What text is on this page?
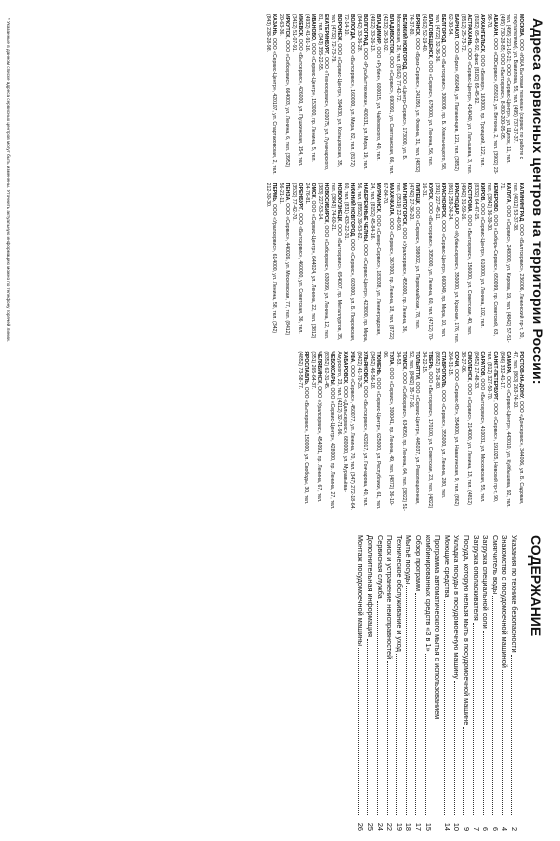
Адреса сервисных центров на территории России:
МОСКВА, ООО «ЮКА Бытовая техника» (сервис по работе с покупателями), ул. Вавилова, 55, тел. (495) 737-37-37.
тел. (495) 221-16-21; ООО «Сервис-Центр», ул. Щипок, 11, тел. (495) 730-28-85; ООО «Бытсервис», 8-800-200-05-05.
АБАКАН, ООО «СВСервис», 655012, ул. Вяткина, 2, тел. (3902) 23-98-70.
АРХАНГЕЛЬСК, ООО «Беккер», 163000, пр. Троицкий, 122, тел. (8182) 65-45-92, факс (8182) 65-45-92.
АСТРАХАНЬ, ООО «Сервис-Центр», 414040, ул. Латышева, 3, тел. (8512) 25-73-72.
БАРНАУЛ, ООО «Бриз», 656049, ул. Папанинцев, 121, тел. (3852) 62-30-54.
БЕЛГОРОД, ООО «Бытсервис», 308009, пр. Б. Хмельницкого, 58, тел. (4722) 32-36-36.
БЛАГОВЕЩЕНСК, ООО «Сервис», 675000, ул. Ленина, 56, тел. (4162) 52-19-40.
БРЯНСК, ООО «Бриз-Сервис», 241050, ул. Фокина, 31, тел. (4832) 74-37-80.
ВЕЛИКИЙ НОВГОРОД, ООО «Центр-Сервис», 173000, ул. Б. Московская, 26, тел. (8162) 77-42-72.
ВЛАДИВОСТОК, ООО «Сервис», 690091, ул. Светланская, 66, тел. (4232) 26-30-02.
ВЛАДИМИР, ООО «Рубин», 600015, ул. Чайковского, 40, тел. (4922) 33-26-13.
ВОЛГОГРАД, ООО «Русьбыттехника», 400131, ул. Мира, 19, тел. (8442) 33-36-28.
ВОЛОГДА, ООО «Бытсервис», 160000, ул. Мира, 82, тел. (8172) 72-14-10.
ВОРОНЕЖ, ООО «Сервис-Центр», 394030, ул. Кольцовская, 35, тел. (4732) 72-73-79.
ЕКАТЕРИНБУРГ, ООО «Техносервис», 620075, ул. Луначарского, 81, тел. (343) 355-22-55.
ИВАНОВО, ООО «Сервис-Центр», 153000, пр. Ленина, 5, тел. (4932) 41-91-16.
ИЖЕВСК, ООО «Бытсервис», 426000, ул. Пушкинская, 154, тел. (3412) 51-07-91.
ИРКУТСК, ООО «Сибсервис», 664003, ул. Ленина, 6, тел. (3952) 20-63-36.
КАЗАНЬ, ООО «Сервис-Центр», 420107, ул. Спартаковская, 2, тел. (843) 238-28-98.
КАЛИНИНГРАД, ООО «Балтсервис», 236006, Ленинский пр-т, 30, тел. (4012) 53-37-38.
КАЛУГА, ООО «Сервис», 248000, ул. Кирова, 19, тел. (4842) 57-51-71.
КЕМЕРОВО, ООО «Сибирь-Сервис», 650099, пр. Советский, 63, тел. (3842) 36-39-30.
КИРОВ, ООО «Сервис-Центр», 610000, ул. Ленина, 102, тел. (8332) 64-47-15.
КОСТРОМА, ООО «Бытсервис», 156000, ул. Советская, 40, тел. (4942) 31-59-16.
КРАСНОДАР, ООО «Кубаньсервис», 350000, ул. Красная, 176, тел. (861) 259-24-24.
КРАСНОЯРСК, ООО «Сервис-Центр», 660049, пр. Мира, 10, тел. (391) 227-45-11.
КУРСК, ООО «Бытсервис», 305000, ул. Ленина, 60, тел. (4712) 70-16-31.
ЛИПЕЦК, ООО «Сервис», 398002, ул. Первомайская, 78, тел. (4742) 27-36-20.
МАГНИТОГОРСК, ООО «Уралсервис», 455000, пр. Ленина, 36, тел. (3519) 22-40-50.
МАХАЧКАЛА, ООО «Сервис», 367000, пр. Ленина, 18, тел. (8722) 67-84-70.
МУРМАНСК, ООО «Север-Сервис», 183038, ул. Ленинградская, 24, тел. (8152) 45-84-16.
НАБЕРЕЖНЫЕ ЧЕЛНЫ, ООО «Сервис-Центр», 423800, пр. Мира, 56, тел. (8552) 39-53-82.
НИЖНИЙ НОВГОРОД, ООО «Сервис», 603000, ул. Б. Покровская, 60, тел. (831) 433-22-31.
НОВОКУЗНЕЦК, ООО «Бытсервис», 654007, пр. Металлургов, 35, тел. (3843) 74-60-21.
НОВОСИБИРСК, ООО «Сибсервис», 630099, ул. Ленина, 12, тел. (383) 227-53-14.
ОМСК, ООО «Сервис-Центр», 644024, ул. Ленина, 22, тел. (3812) 24-76-81.
ОРЕНБУРГ, ООО «Бытсервис», 460000, ул. Советская, 36, тел. (3532) 77-42-70.
ПЕНЗА, ООО «Сервис», 440026, ул. Московская, 77, тел. (8412) 56-21-11.
ПЕРМЬ, ООО «Уралсервис», 614000, ул. Ленина, 58, тел. (342) 212-30-30.
РОСТОВ-НА-ДОНУ, ООО «Донсервис», 344006, ул. Б. Садовая, 47, тел. (863) 263-74-10.
САМАРА, ООО «Сервис-Центр», 443010, ул. Куйбышева, 92, тел. (846) 332-41-17.
САНКТ-ПЕТЕРБУРГ, ООО «Сервис», 191025, Невский пр-т, 90, тел. (812) 327-50-70.
САРАТОВ, ООО «Бытсервис», 410031, ул. Московская, 55, тел. (8452) 27-48-33.
СМОЛЕНСК, ООО «Сервис», 214000, ул. Ленина, 13, тел. (4812) 38-27-06.
СОЧИ, ООО «Сервис-Юг», 354000, ул. Навагинская, 9, тел. (862) 264-31-15.
СТАВРОПОЛЬ, ООО «Сервис», 355000, ул. Ленина, 280, тел. (8652) 35-26-80.
ТВЕРЬ, ООО «Бытсервис», 170100, ул. Советская, 23, тел. (4822) 34-22-15.
ТОЛЬЯТТИ, ООО «Сервис-Центр», 445037, ул. Революционная, 52, тел. (8482) 35-77-16.
ТОМСК, ООО «Сибсервис», 634050, пр. Ленина, 64, тел. (3822) 51-34-53.
ТУЛА, ООО «Сервис», 300041, пр. Ленина, 49, тел. (4872) 36-10-06.
ТЮМЕНЬ, ООО «Сервис-Центр», 625000, ул. Республики, 61, тел. (3452) 46-56-18.
УЛЬЯНОВСК, ООО «Бытсервис», 432017, ул. Гончарова, 40, тел. (8422) 41-70-25.
УФА, ООО «Сервис», 450077, ул. Ленина, 70, тел. (347) 272-18-64.
ХАБАРОВСК, ООО «Дальсервис», 680000, ул. Муравьёва-Амурского, 23, тел. (4212) 32-71-96.
ЧЕБОКСАРЫ, ООО «Сервис-Центр», 428000, пр. Ленина, 27, тел. (8352) 62-31-45.
ЧЕЛЯБИНСК, ООО «Уралсервис», 454091, пр. Ленина, 67, тел. (351) 265-64-37.
ЯРОСЛАВЛЬ, ООО «Бытсервис», 150000, ул. Свободы, 30, тел. (4852) 73-58-77.
* Указанные в данном списке адреса сервисных центров могут быть изменены. Уточнить актуальную информацию можно по телефону горячей линии.
СОДЕРЖАНИЕ
Указания по технике безопасности
2
Знакомство с посудомоечной машиной
4
Смягчитель воды
6
Загрузка специальной соли
6
Загрузка ополаскивателя
7
Посуда, которую нельзя мыть в посудомоечной машине
9
Укладка посуды в посудомоечную машину
10
Моющие средства
14
Программа автоматического мытья с использованием
комбинированных средств «3 в 1»
15
Обзор программ
17
Мытьё посуды
18
Техническое обслуживание и уход
19
Поиск и устранение неисправностей
22
Сервисная служба
24
Дополнительная информация
25
Монтаж посудомоечной машины
26
